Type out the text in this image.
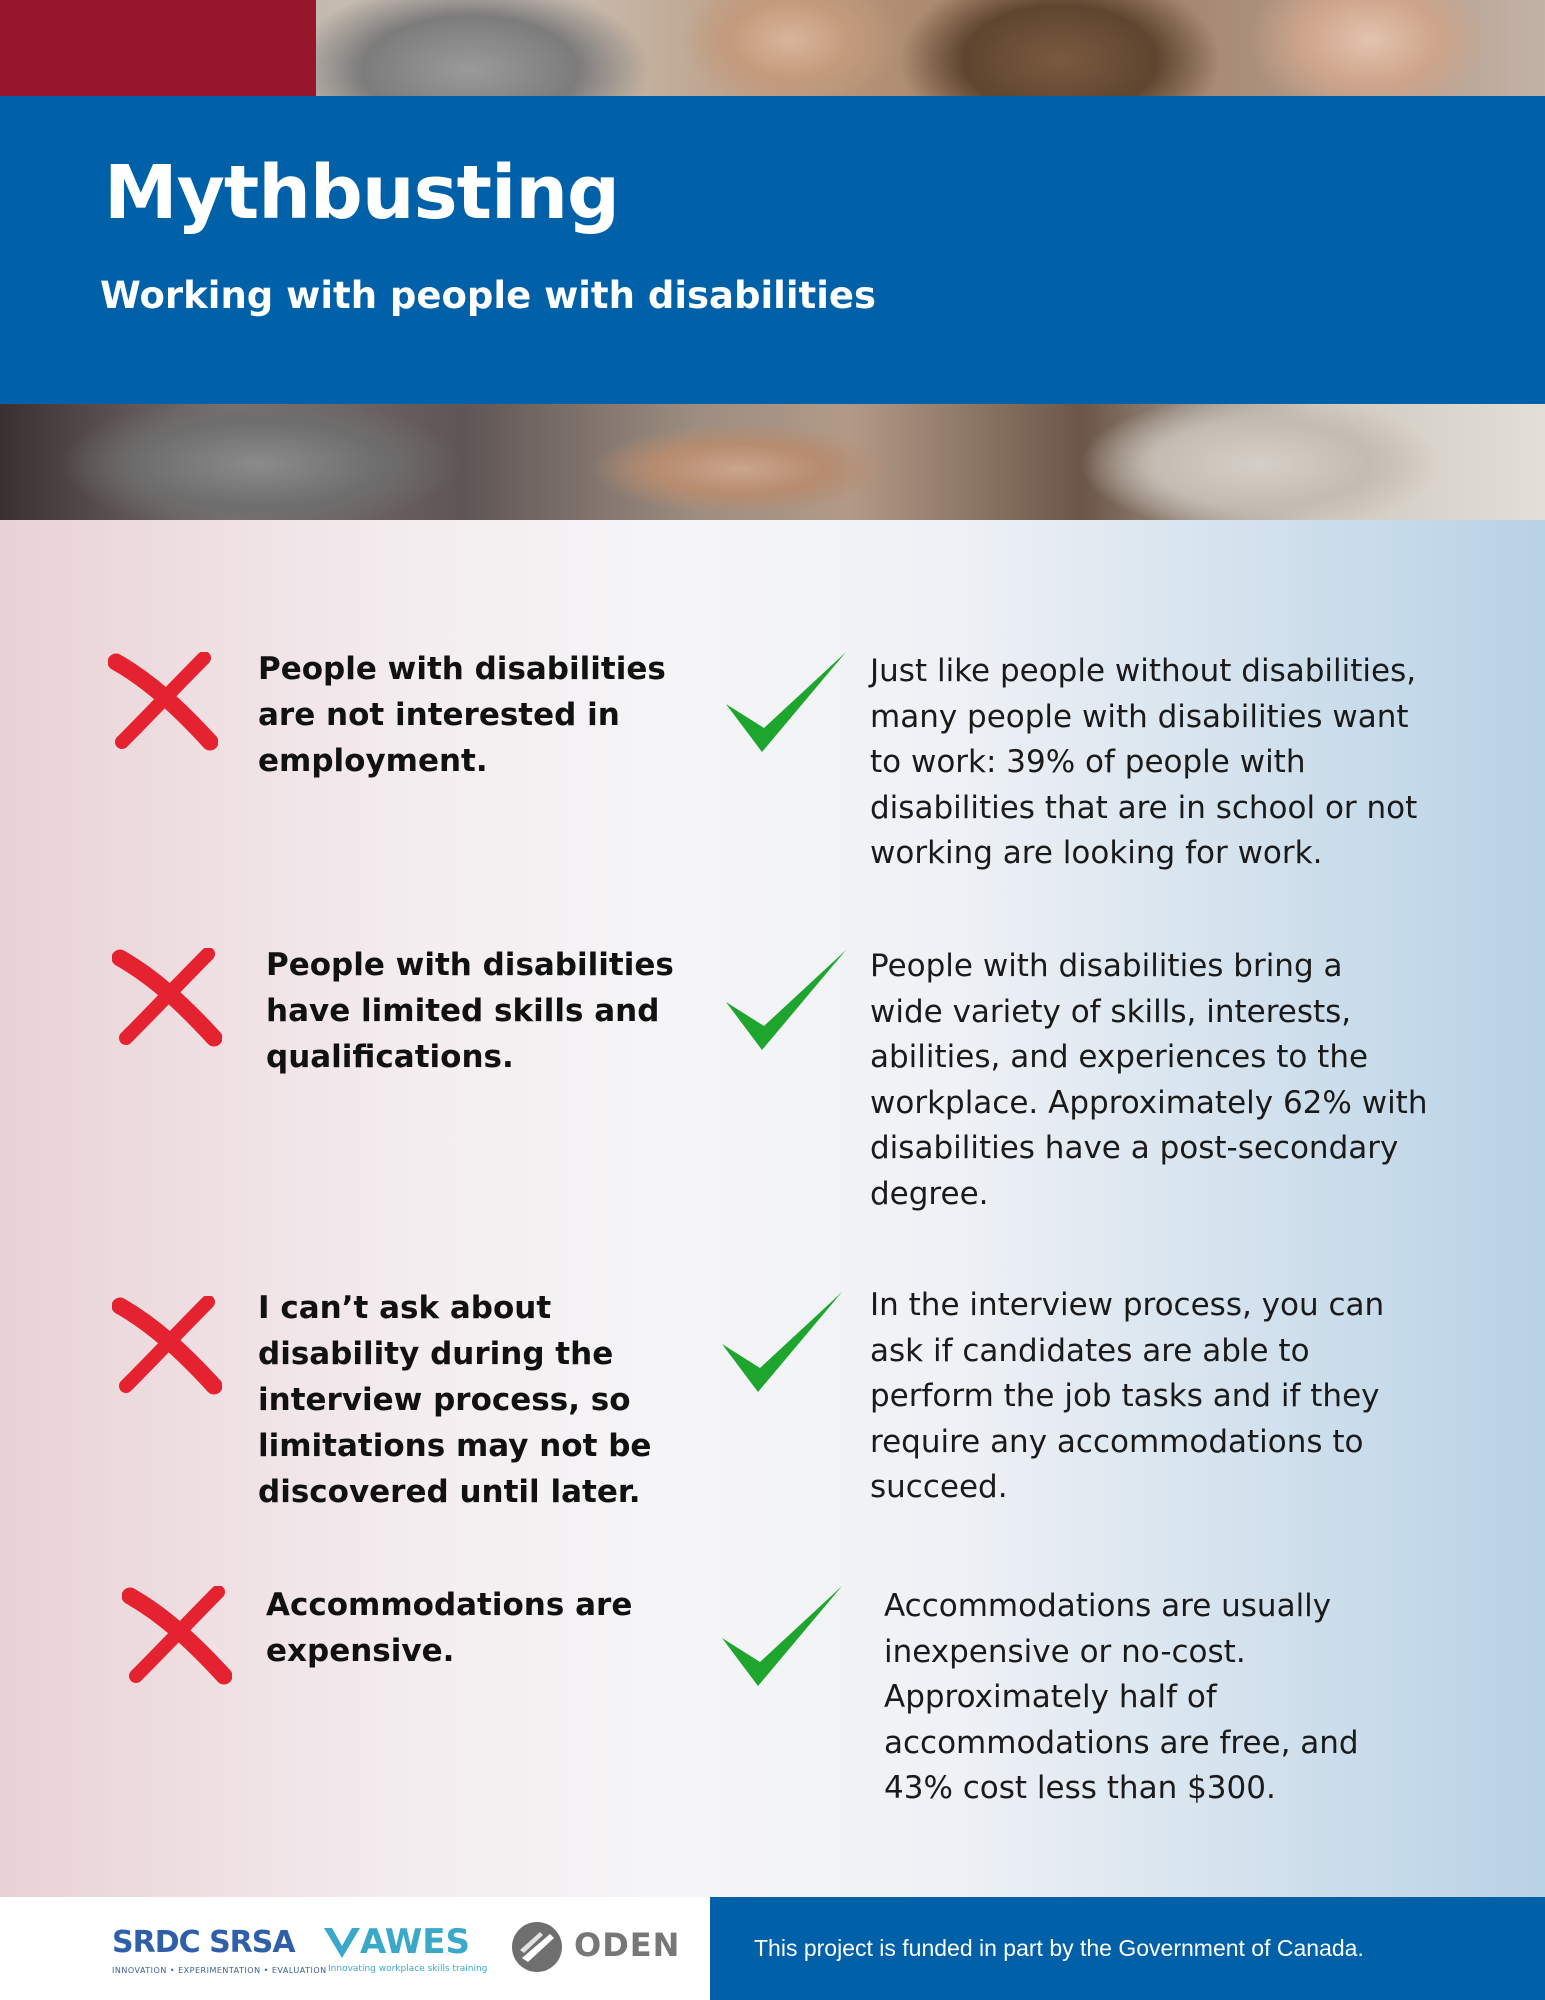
Mythbusting
Working with people with disabilities

People with disabilities
are not interested in
employment.

Just like people without disabilities,
many people with disabilities want
to work: 39% of people with
disabilities that are in school or not
working are looking for work.

People with disabilities
have limited skills and
qualifications.

People with disabilities bring a
wide variety of skills, interests,
abilities, and experiences to the
workplace. Approximately 62% with
disabilities have a post-secondary
degree.

I can’t ask about
disability during the
interview process, so
limitations may not be
discovered until later.

In the interview process, you can
ask if candidates are able to
perform the job tasks and if they
require any accommodations to
succeed.

Accommodations are
expensive.

Accommodations are usually
inexpensive or no-cost.
Approximately half of
accommodations are free, and
43% cost less than $300.

SRDC SRSA
INNOVATION • EXPERIMENTATION • EVALUATION
AWES
Innovating workplace skills training
ODEN	This project is funded in part by the Government of Canada.
